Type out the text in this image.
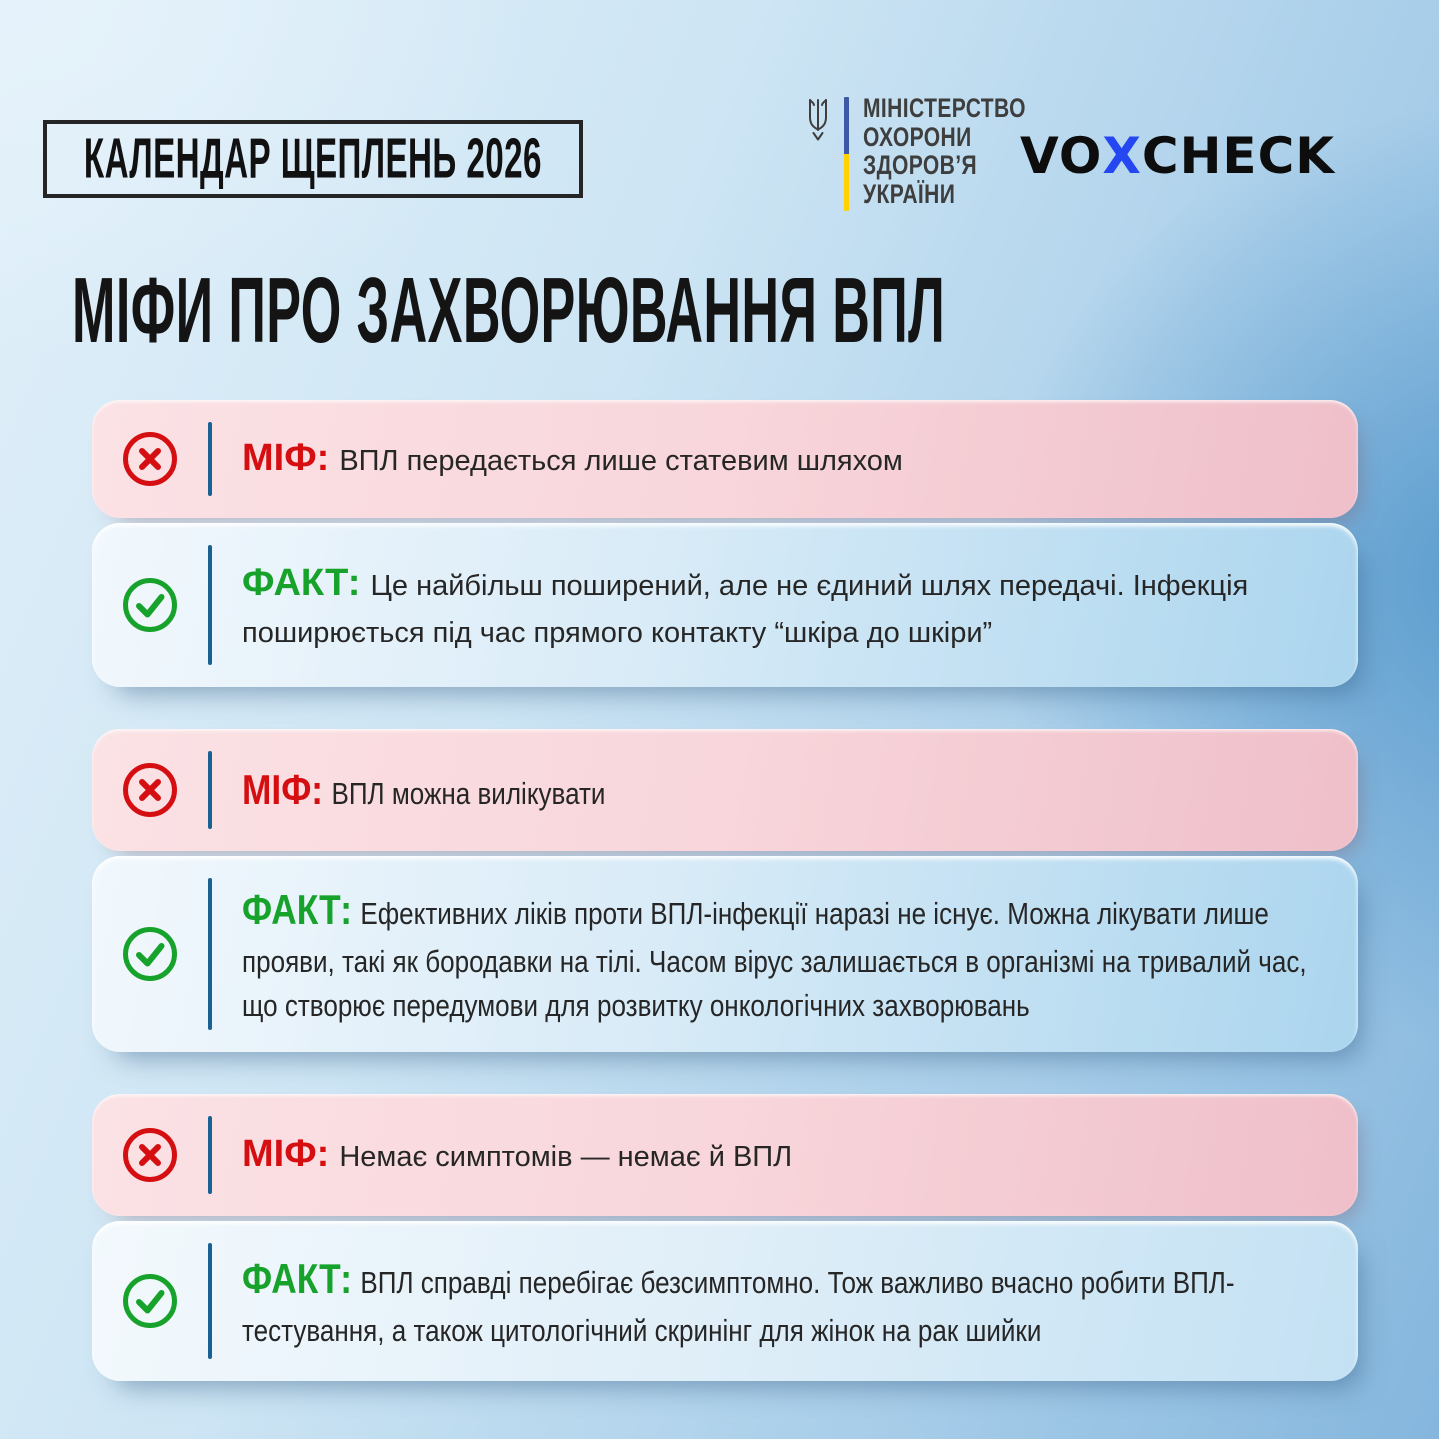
КАЛЕНДАР ЩЕПЛЕНЬ 2026
МІНІСТЕРСТВО
ОХОРОНИ
ЗДОРОВ’Я
УКРАЇНИ
VO X CHECK
МІФИ ПРО ЗАХВОРЮВАННЯ ВПЛ
МІФ: ВПЛ передається лише статевим шляхом
ФАКТ: Це найбільш поширений, але не єдиний шлях передачі. Інфекція поширюється під час прямого контакту “шкіра до шкіри”
МІФ: ВПЛ можна вилікувати
ФАКТ: Ефективних ліків проти ВПЛ-інфекції наразі не існує. Можна лікувати лише прояви, такі як бородавки на тілі. Часом вірус залишається в організмі на тривалий час, що створює передумови для розвитку онкологічних захворювань
МІФ: Немає симптомів — немає й ВПЛ
ФАКТ: ВПЛ справді перебігає безсимптомно. Тож важливо вчасно робити ВПЛ-тестування, а також цитологічний скринінг для жінок на рак шийки
